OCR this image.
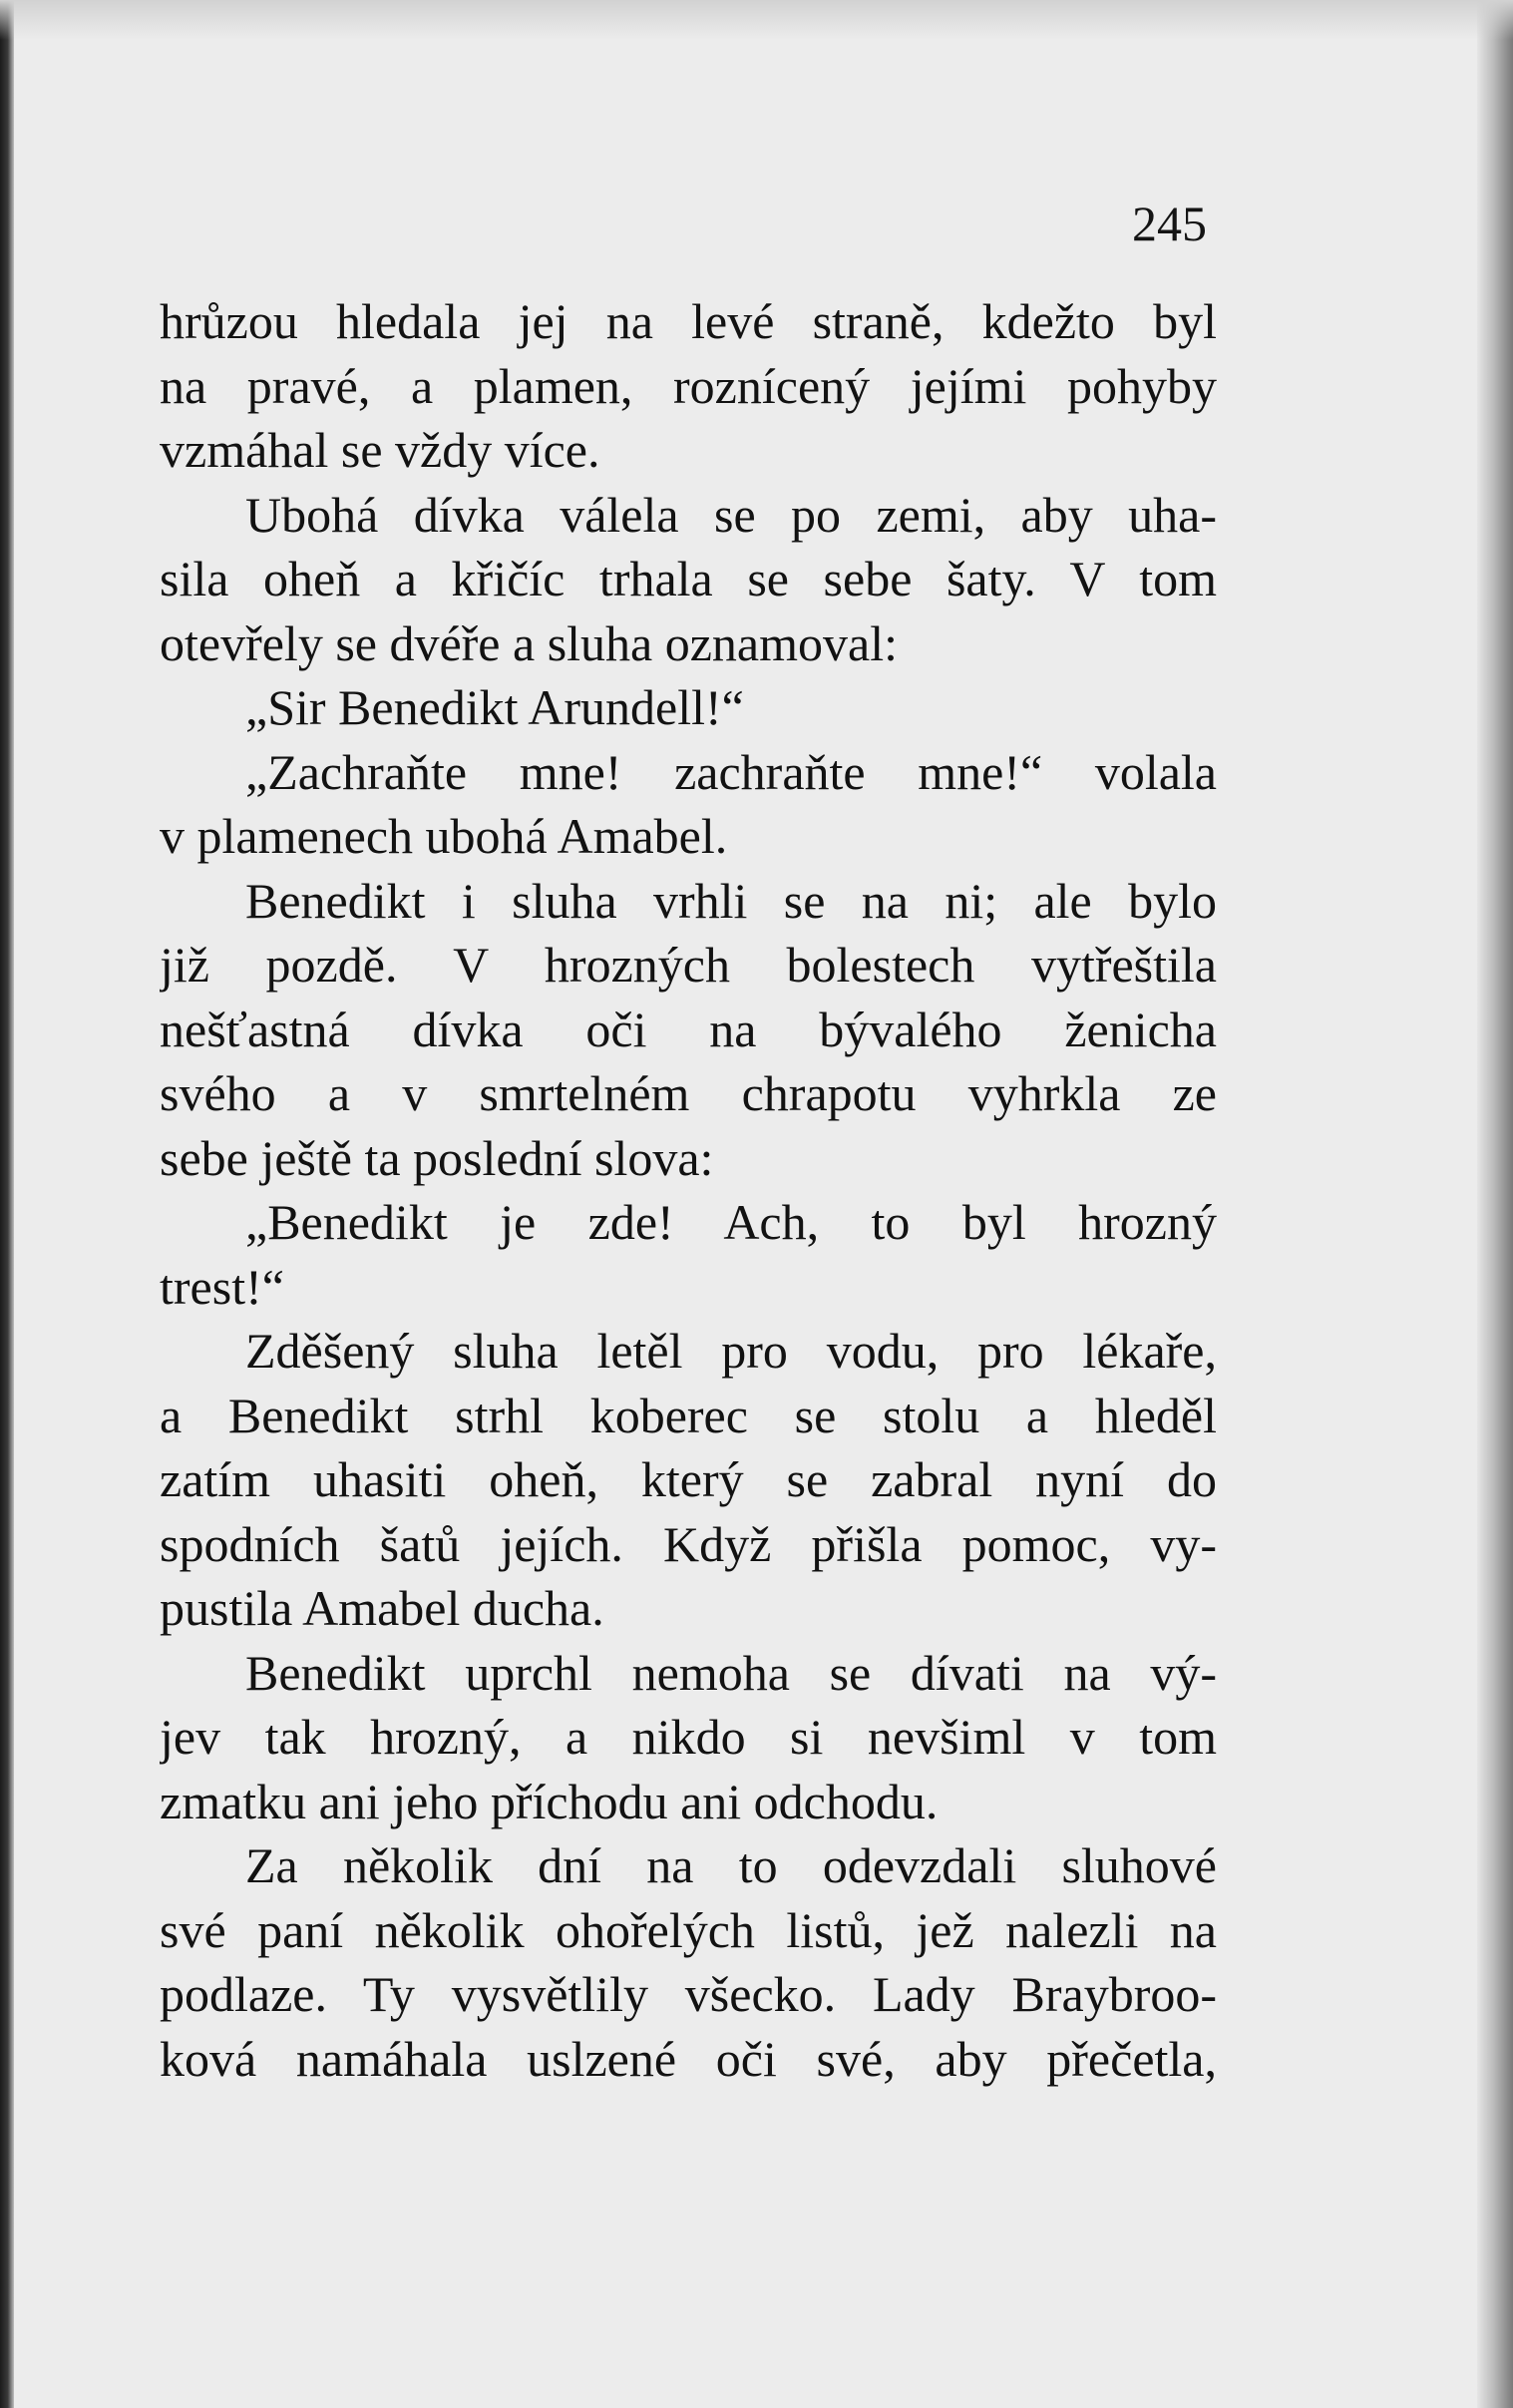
245
hrůzou hledala jej na levé straně, kdežto byl
na pravé, a plamen, roznícený jejími pohyby
vzmáhal se vždy více.
Ubohá dívka válela se po zemi, aby uha-
sila oheň a křičíc trhala se sebe šaty. V tom
otevřely se dvéře a sluha oznamoval:
„Sir Benedikt Arundell!“
„Zachraňte mne! zachraňte mne!“ volala
v plamenech ubohá Amabel.
Benedikt i sluha vrhli se na ni; ale bylo
již pozdě. V hrozných bolestech vytřeštila
nešťastná dívka oči na bývalého ženicha
svého a v smrtelném chrapotu vyhrkla ze
sebe ještě ta poslední slova:
„Benedikt je zde! Ach, to byl hrozný
trest!“
Zděšený sluha letěl pro vodu, pro lékaře,
a Benedikt strhl koberec se stolu a hleděl
zatím uhasiti oheň, který se zabral nyní do
spodních šatů jejích. Když přišla pomoc, vy-
pustila Amabel ducha.
Benedikt uprchl nemoha se dívati na vý-
jev tak hrozný, a nikdo si nevšiml v tom
zmatku ani jeho příchodu ani odchodu.
Za několik dní na to odevzdali sluhové
své paní několik ohořelých listů, jež nalezli na
podlaze. Ty vysvětlily všecko. Lady Braybroo-
ková namáhala uslzené oči své, aby přečetla,
